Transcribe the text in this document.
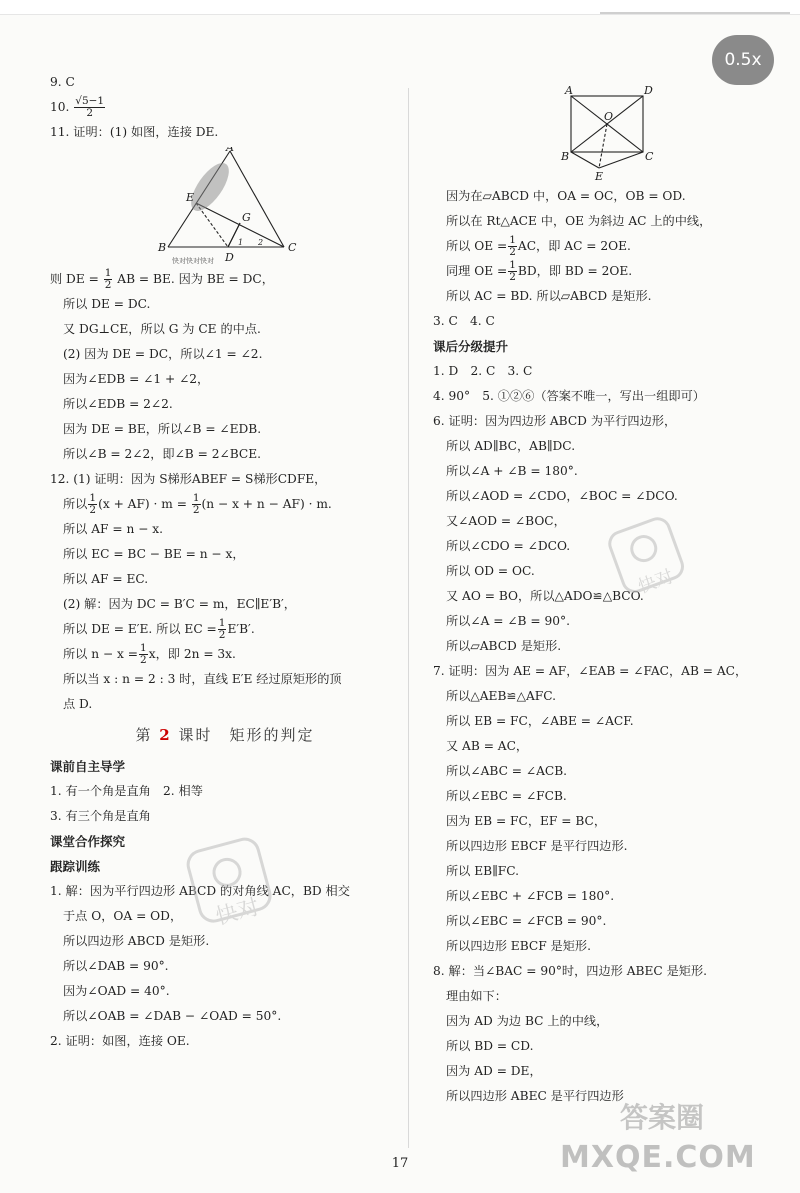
0.5x
9. C
10. $\frac{√5-1}{2}$
11. 证明：(1) 如图，连接 DE.
A
B	C
D
E
G
1 2
快对快对快对
则 DE = $\frac{1}{2}$ AB = BE. 因为 BE = DC，
所以 DE = DC.
又 DG⊥CE，所以 G 为 CE 的中点.
(2) 因为 DE = DC，所以∠1 = ∠2.
因为∠EDB = ∠1 + ∠2，
所以∠EDB = 2∠2.
因为 DE = BE，所以∠B = ∠EDB.
所以∠B = 2∠2，即∠B = 2∠BCE.
12. (1) 证明：因为 S梯形ABEF = S梯形CDFE，
所以 $\frac{1}{2} (x + AF) \cdot m = \frac{1}{2} (n - x + n - AF) \cdot m$.
所以 AF = n − x.
所以 EC = BC − BE = n − x，
所以 AF = EC.
(2) 解：因为 DC = B′C = m，EC∥E′B′，
所以 DE = E′E. 所以 EC = $\frac{1}{2} E'B'$.
所以 $n - x = \frac{1}{2}$ x，即 2n = 3x.
所以当 x : n = 2 : 3 时，直线 E′E 经过原矩形的顶
点 D.
第 2 课时　矩形的判定
课前自主导学
1. 有一个角是直角　2. 相等
3. 有三个角是直角
课堂合作探究
跟踪训练
1. 解：因为平行四边形 ABCD 的对角线 AC，BD 相交
于点 O，OA = OD，
所以四边形 ABCD 是矩形.
所以∠DAB = 90°.
因为∠OAD = 40°.
所以∠OAB = ∠DAB − ∠OAD = 50°.
2. 证明：如图，连接 OE.
A	D
O
B	C
E
因为在▱ABCD 中，OA = OC，OB = OD.
所以在 Rt△ACE 中，OE 为斜边 AC 上的中线，
所以 OE = $\frac{1}{2}$ AC，即 AC = 2OE.
同理 OE = $\frac{1}{2}$ BD，即 BD = 2OE.
所以 AC = BD. 所以▱ABCD 是矩形.
3. C　4. C
课后分级提升
1. D　2. C　3. C
4. 90°　5. ①②⑥（答案不唯一，写出一组即可）
6. 证明：因为四边形 ABCD 为平行四边形，
所以 AD∥BC，AB∥DC.
所以∠A + ∠B = 180°.
所以∠AOD = ∠CDO，∠BOC = ∠DCO.
又∠AOD = ∠BOC，
所以∠CDO = ∠DCO.
所以 OD = OC.
又 AO = BO，所以△ADO≌△BCO.
所以∠A = ∠B = 90°.
所以▱ABCD 是矩形.
7. 证明：因为 AE = AF，∠EAB = ∠FAC，AB = AC，
所以△AEB≌△AFC.
所以 EB = FC，∠ABE = ∠ACF.
又 AB = AC，
所以∠ABC = ∠ACB.
所以∠EBC = ∠FCB.
因为 EB = FC，EF = BC，
所以四边形 EBCF 是平行四边形.
所以 EB∥FC.
所以∠EBC + ∠FCB = 180°.
所以∠EBC = ∠FCB = 90°.
所以四边形 EBCF 是矩形.
8. 解：当∠BAC = 90°时，四边形 ABEC 是矩形.
理由如下：
因为 AD 为边 BC 上的中线，
所以 BD = CD.
因为 AD = DE，
所以四边形 ABEC 是平行四边形
快对
快对
答案圈
MXQE.COM
17
